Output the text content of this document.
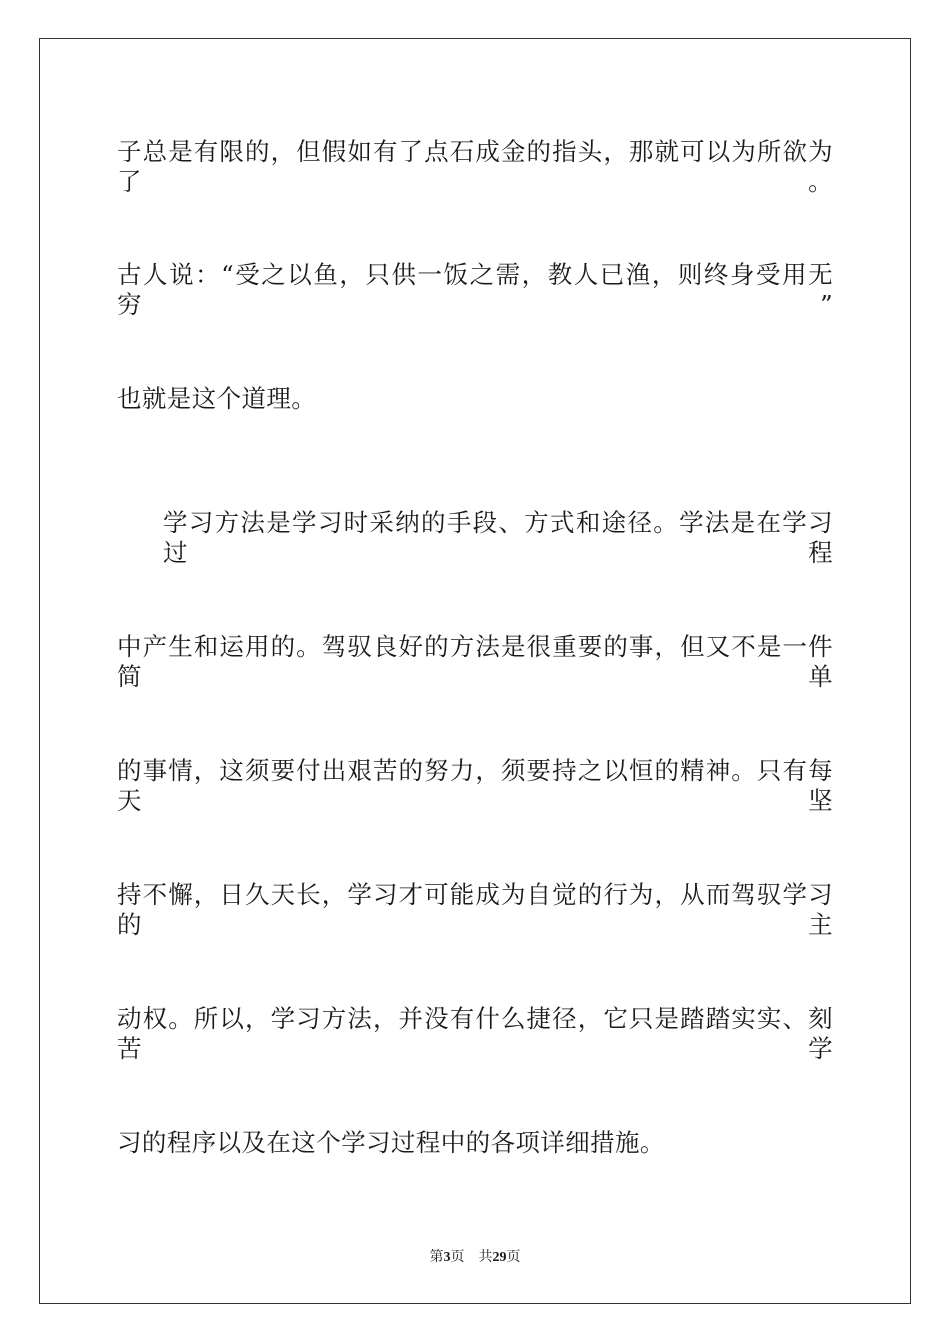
子总是有限的，但假如有了点石成金的指头，那就可以为所欲为了。
古人说：“受之以鱼，只供一饭之需，教人已渔，则终身受用无穷”
也就是这个道理。
学习方法是学习时采纳的手段、方式和途径。学法是在学习过程
中产生和运用的。驾驭良好的方法是很重要的事，但又不是一件简单
的事情，这须要付出艰苦的努力，须要持之以恒的精神。只有每天坚
持不懈，日久天长，学习才可能成为自觉的行为，从而驾驭学习的主
动权。所以，学习方法，并没有什么捷径，它只是踏踏实实、刻苦学
习的程序以及在这个学习过程中的各项详细措施。
第3页 共29页
